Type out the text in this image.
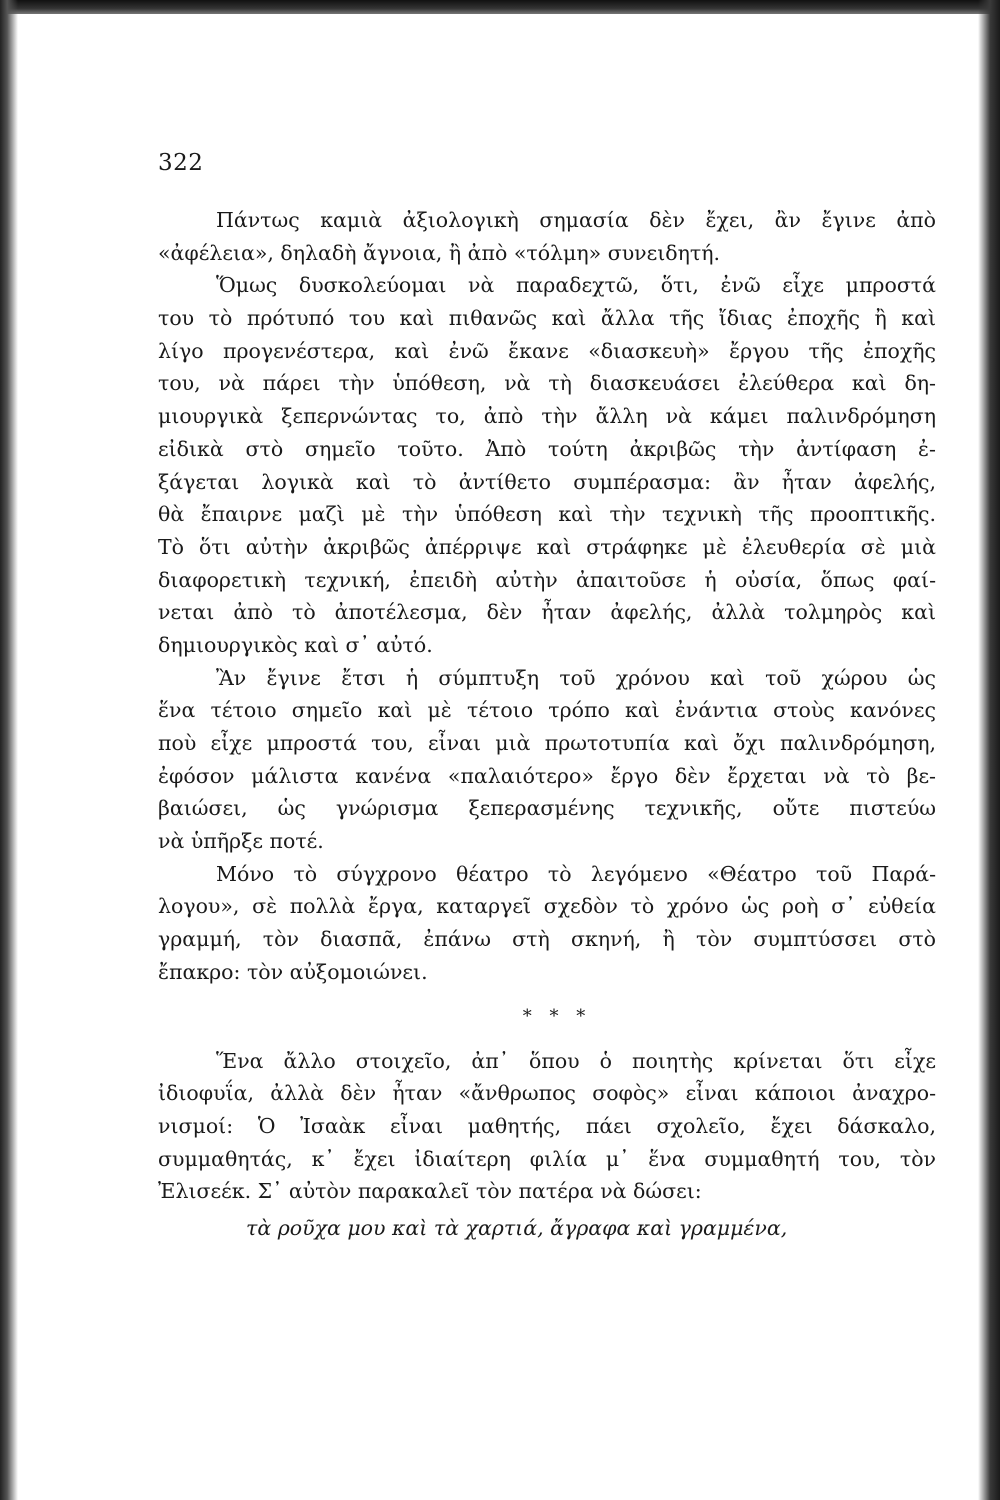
322
Πάντως καμιὰ ἀξιολογικὴ σημασία δὲν ἔχει, ἂν ἔγινε ἀπὸ
«ἀφέλεια», δηλαδὴ ἄγνοια, ἢ ἀπὸ «τόλμη» συνειδητή.
Ὅμως δυσκολεύομαι νὰ παραδεχτῶ, ὅτι, ἐνῶ εἶχε μπροστά
του τὸ πρότυπό του καὶ πιθανῶς καὶ ἄλλα τῆς ἴδιας ἐποχῆς ἢ καὶ
λίγο προγενέστερα, καὶ ἐνῶ ἔκανε «διασκευὴ» ἔργου τῆς ἐποχῆς
του, νὰ πάρει τὴν ὑπόθεση, νὰ τὴ διασκευάσει ἐλεύθερα καὶ δη-
μιουργικὰ ξεπερνώντας το, ἀπὸ τὴν ἄλλη νὰ κάμει παλινδρόμηση
εἰδικὰ στὸ σημεῖο τοῦτο. Ἀπὸ τούτη ἀκριβῶς τὴν ἀντίφαση ἐ-
ξάγεται λογικὰ καὶ τὸ ἀντίθετο συμπέρασμα: ἂν ἦταν ἀφελής,
θὰ ἔπαιρνε μαζὶ μὲ τὴν ὑπόθεση καὶ τὴν τεχνικὴ τῆς προοπτικῆς.
Τὸ ὅτι αὐτὴν ἀκριβῶς ἀπέρριψε καὶ στράφηκε μὲ ἐλευθερία σὲ μιὰ
διαφορετικὴ τεχνική, ἐπειδὴ αὐτὴν ἀπαιτοῦσε ἡ οὐσία, ὅπως φαί-
νεται ἀπὸ τὸ ἀποτέλεσμα, δὲν ἦταν ἀφελής, ἀλλὰ τολμηρὸς καὶ
δημιουργικὸς καὶ σ᾿ αὐτό.
Ἂν ἔγινε ἔτσι ἡ σύμπτυξη τοῦ χρόνου καὶ τοῦ χώρου ὡς
ἕνα τέτοιο σημεῖο καὶ μὲ τέτοιο τρόπο καὶ ἐνάντια στοὺς κανόνες
ποὺ εἶχε μπροστά του, εἶναι μιὰ πρωτοτυπία καὶ ὄχι παλινδρόμηση,
ἐφόσον μάλιστα κανένα «παλαιότερο» ἔργο δὲν ἔρχεται νὰ τὸ βε-
βαιώσει, ὡς γνώρισμα ξεπερασμένης τεχνικῆς, οὔτε πιστεύω
νὰ ὑπῆρξε ποτέ.
Μόνο τὸ σύγχρονο θέατρο τὸ λεγόμενο «Θέατρο τοῦ Παρά-
λογου», σὲ πολλὰ ἔργα, καταργεῖ σχεδὸν τὸ χρόνο ὡς ροὴ σ᾿ εὐθεία
γραμμή, τὸν διασπᾶ, ἐπάνω στὴ σκηνή, ἢ τὸν συμπτύσσει στὸ
ἔπακρο: τὸν αὐξομοιώνει.
* * *
Ἕνα ἄλλο στοιχεῖο, ἀπ᾿ ὅπου ὁ ποιητὴς κρίνεται ὅτι εἶχε
ἰδιοφυΐα, ἀλλὰ δὲν ἦταν «ἄνθρωπος σοφὸς» εἶναι κάποιοι ἀναχρο-
νισμοί: Ὁ Ἰσαὰκ εἶναι μαθητής, πάει σχολεῖο, ἔχει δάσκαλο,
συμμαθητάς, κ᾿ ἔχει ἰδιαίτερη φιλία μ᾿ ἕνα συμμαθητή του, τὸν
Ἐλισεέκ. Σ᾿ αὐτὸν παρακαλεῖ τὸν πατέρα νὰ δώσει:
τὰ ροῦχα μου καὶ τὰ χαρτιά, ἄγραφα καὶ γραμμένα,
